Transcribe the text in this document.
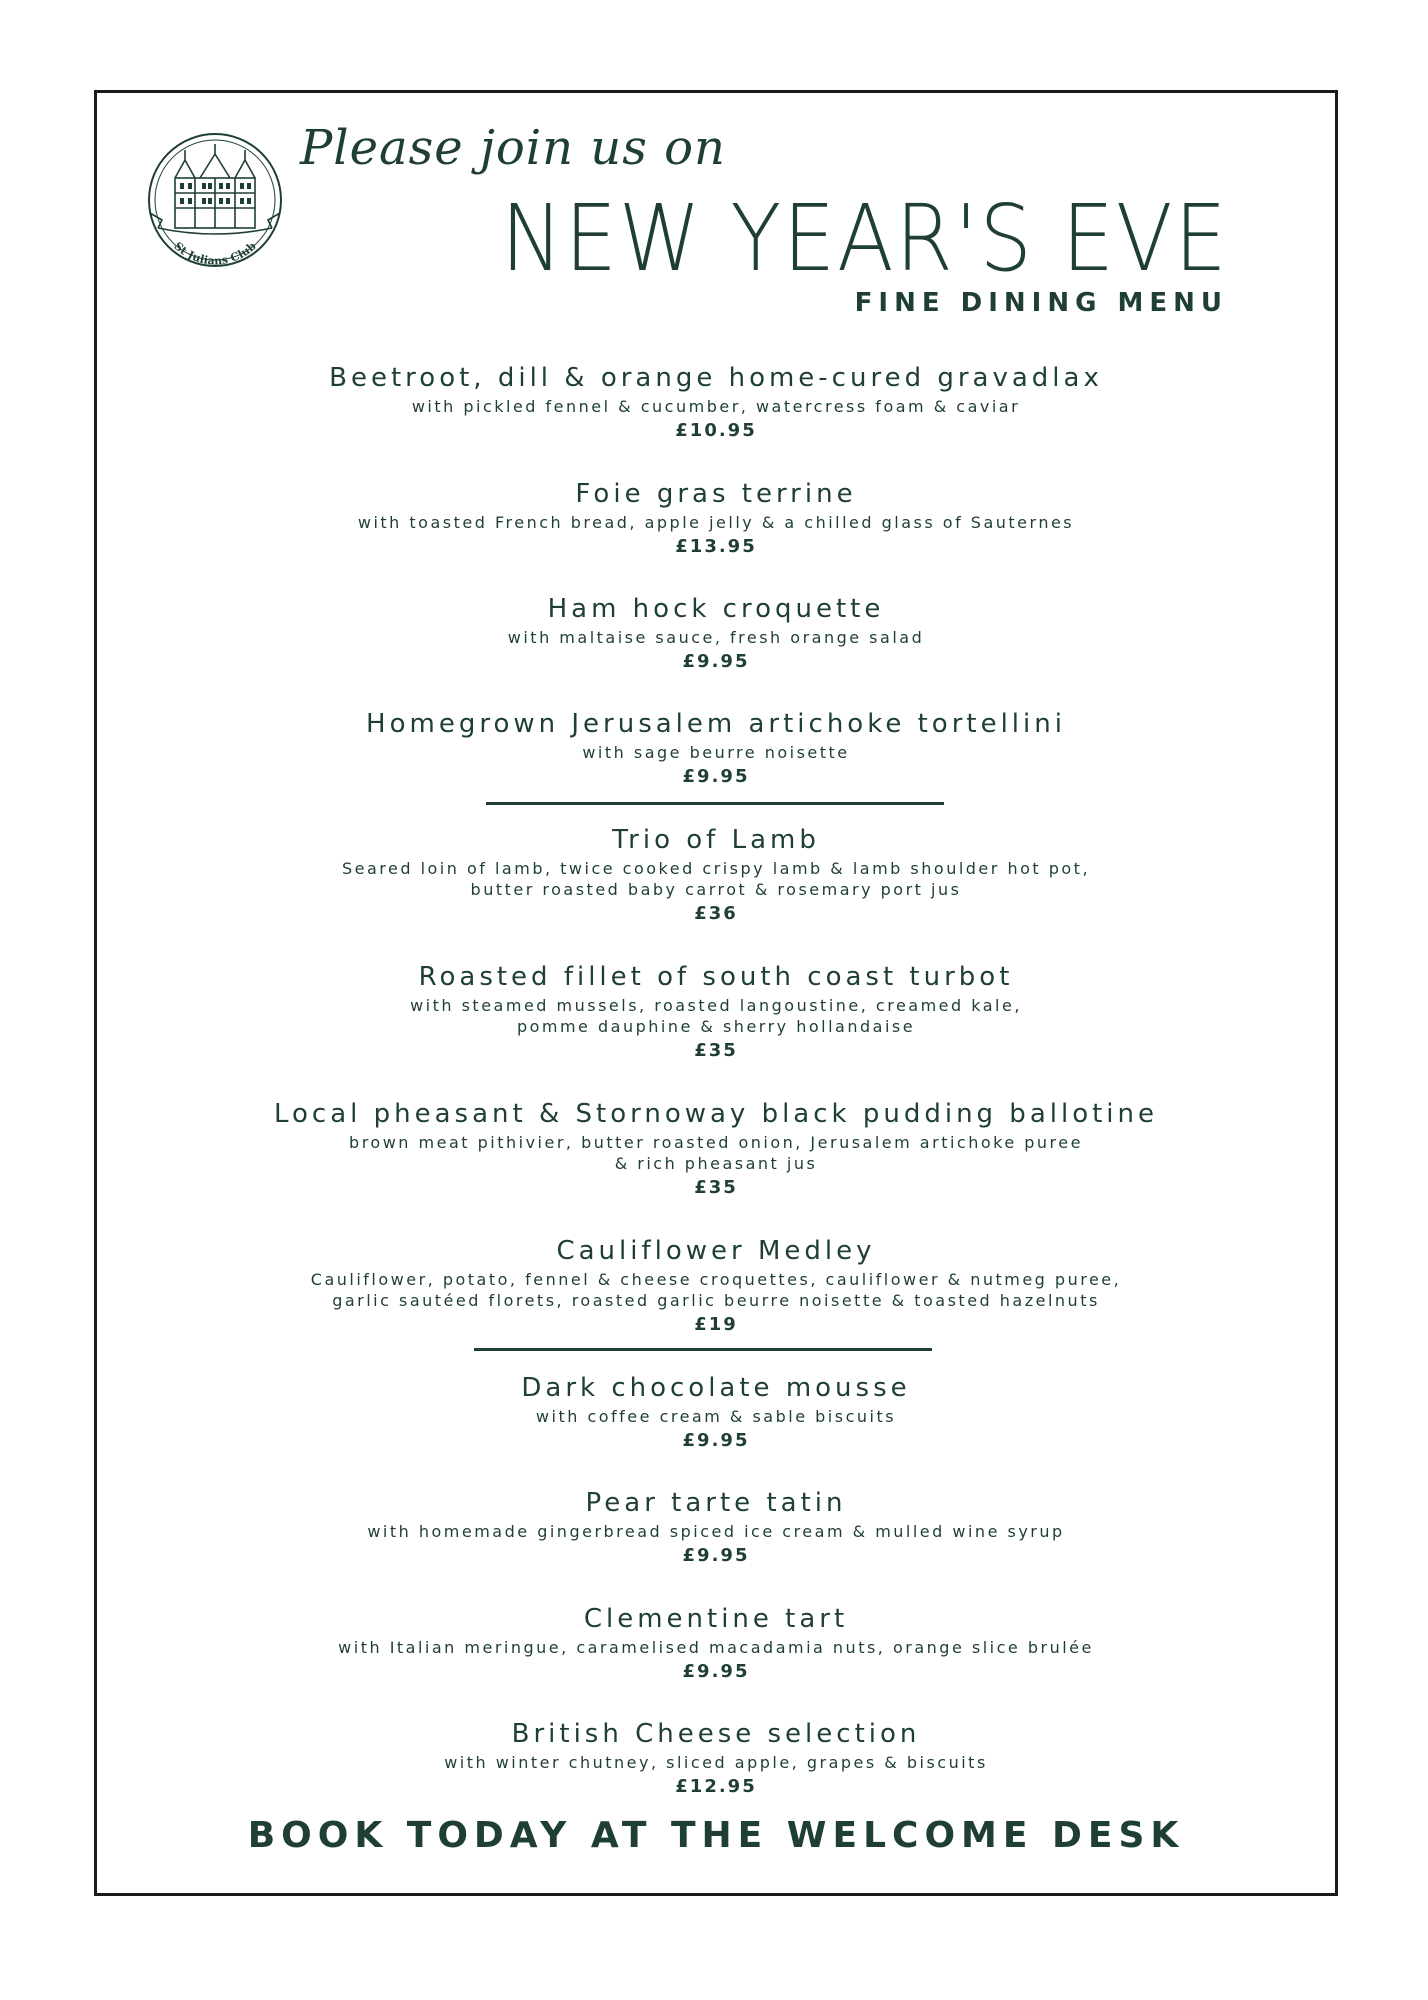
St Julians Club
Please join us on
NEW YEAR'S EVE
FINE DINING MENU
Beetroot, dill & orange home-cured gravadlax
with pickled fennel & cucumber, watercress foam & caviar
£10.95
Foie gras terrine
with toasted French bread, apple jelly & a chilled glass of Sauternes
£13.95
Ham hock croquette
with maltaise sauce, fresh orange salad
£9.95
Homegrown Jerusalem artichoke tortellini
with sage beurre noisette
£9.95
Trio of Lamb
Seared loin of lamb, twice cooked crispy lamb & lamb shoulder hot pot,
butter roasted baby carrot & rosemary port jus
£36
Roasted fillet of south coast turbot
with steamed mussels, roasted langoustine, creamed kale,
pomme dauphine & sherry hollandaise
£35
Local pheasant & Stornoway black pudding ballotine
brown meat pithivier, butter roasted onion, Jerusalem artichoke puree
& rich pheasant jus
£35
Cauliflower Medley
Cauliflower, potato, fennel & cheese croquettes, cauliflower & nutmeg puree,
garlic sautéed florets, roasted garlic beurre noisette & toasted hazelnuts
£19
Dark chocolate mousse
with coffee cream & sable biscuits
£9.95
Pear tarte tatin
with homemade gingerbread spiced ice cream & mulled wine syrup
£9.95
Clementine tart
with Italian meringue, caramelised macadamia nuts, orange slice brulée
£9.95
British Cheese selection
with winter chutney, sliced apple, grapes & biscuits
£12.95
BOOK TODAY AT THE WELCOME DESK
